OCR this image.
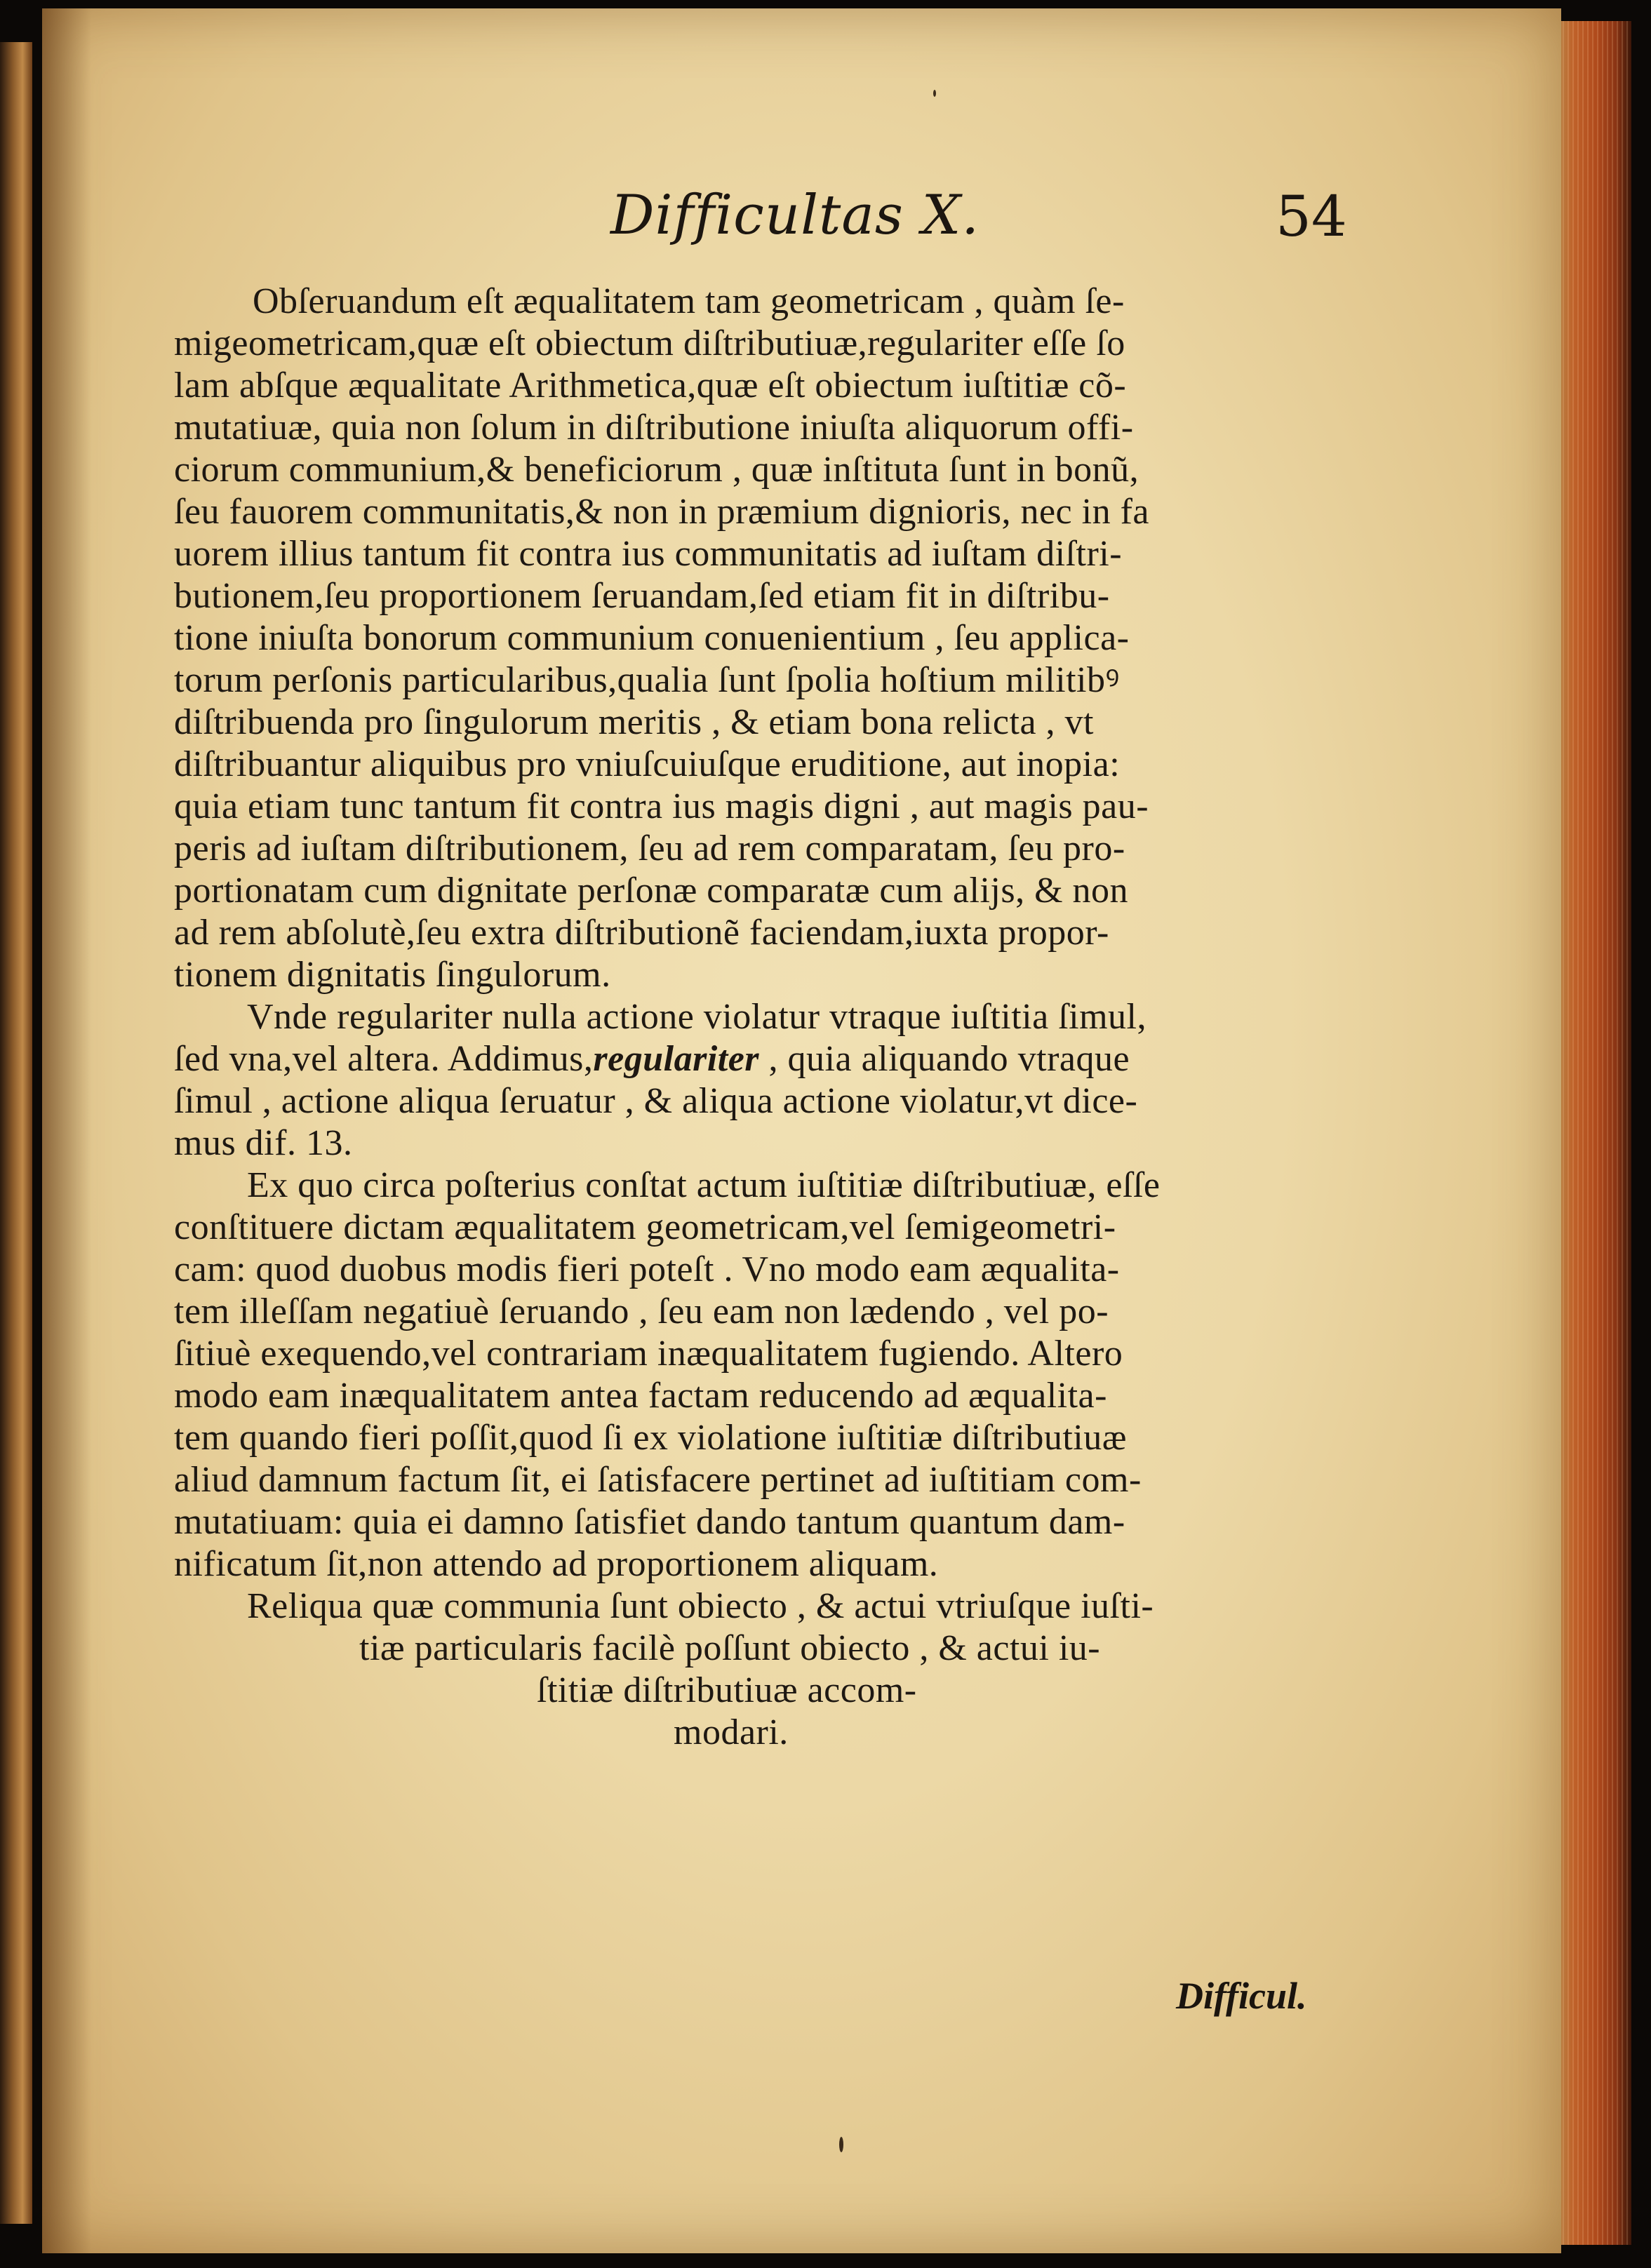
Difficultas X.	54
Obſeruandum eſt æqualitatem tam geometricam , quàm ſe-
migeometricam,quæ eſt obiectum diſtributiuæ,regulariter eſſe ſo
lam abſque æqualitate Arithmetica,quæ eſt obiectum iuſtitiæ cõ-
mutatiuæ, quia non ſolum in diſtributione iniuſta aliquorum offi-
ciorum communium,& beneficiorum , quæ inſtituta ſunt in bonũ,
ſeu fauorem communitatis,& non in præmium dignioris, nec in fa
uorem illius tantum fit contra ius communitatis ad iuſtam diſtri-
butionem,ſeu proportionem ſeruandam,ſed etiam fit in diſtribu-
tione iniuſta bonorum communium conuenientium , ſeu applica-
torum perſonis particularibus,qualia ſunt ſpolia hoſtium militibꝰ
diſtribuenda pro ſingulorum meritis , & etiam bona relicta , vt
diſtribuantur aliquibus pro vniuſcuiuſque eruditione, aut inopia:
quia etiam tunc tantum fit contra ius magis digni , aut magis pau-
peris ad iuſtam diſtributionem, ſeu ad rem comparatam, ſeu pro-
portionatam cum dignitate perſonæ comparatæ cum alijs, & non
ad rem abſolutè,ſeu extra diſtributionẽ faciendam,iuxta propor-
tionem dignitatis ſingulorum.
Vnde regulariter nulla actione violatur vtraque iuſtitia ſimul,
ſed vna,vel altera. Addimus,regulariter , quia aliquando vtraque
ſimul , actione aliqua ſeruatur , & aliqua actione violatur,vt dice-
mus dif. 13.
Ex quo circa poſterius conſtat actum iuſtitiæ diſtributiuæ, eſſe
conſtituere dictam æqualitatem geometricam,vel ſemigeometri-
cam: quod duobus modis fieri poteſt . Vno modo eam æqualita-
tem illeſſam negatiuè ſeruando , ſeu eam non lædendo , vel po-
ſitiuè exequendo,vel contrariam inæqualitatem fugiendo. Altero
modo eam inæqualitatem antea factam reducendo ad æqualita-
tem quando fieri poſſit,quod ſi ex violatione iuſtitiæ diſtributiuæ
aliud damnum factum ſit, ei ſatisfacere pertinet ad iuſtitiam com-
mutatiuam: quia ei damno ſatisfiet dando tantum quantum dam-
nificatum ſit,non attendo ad proportionem aliquam.
Reliqua quæ communia ſunt obiecto , & actui vtriuſque iuſti-
tiæ particularis facilè poſſunt obiecto , & actui iu-
ſtitiæ diſtributiuæ accom-
modari.
Difficul.
